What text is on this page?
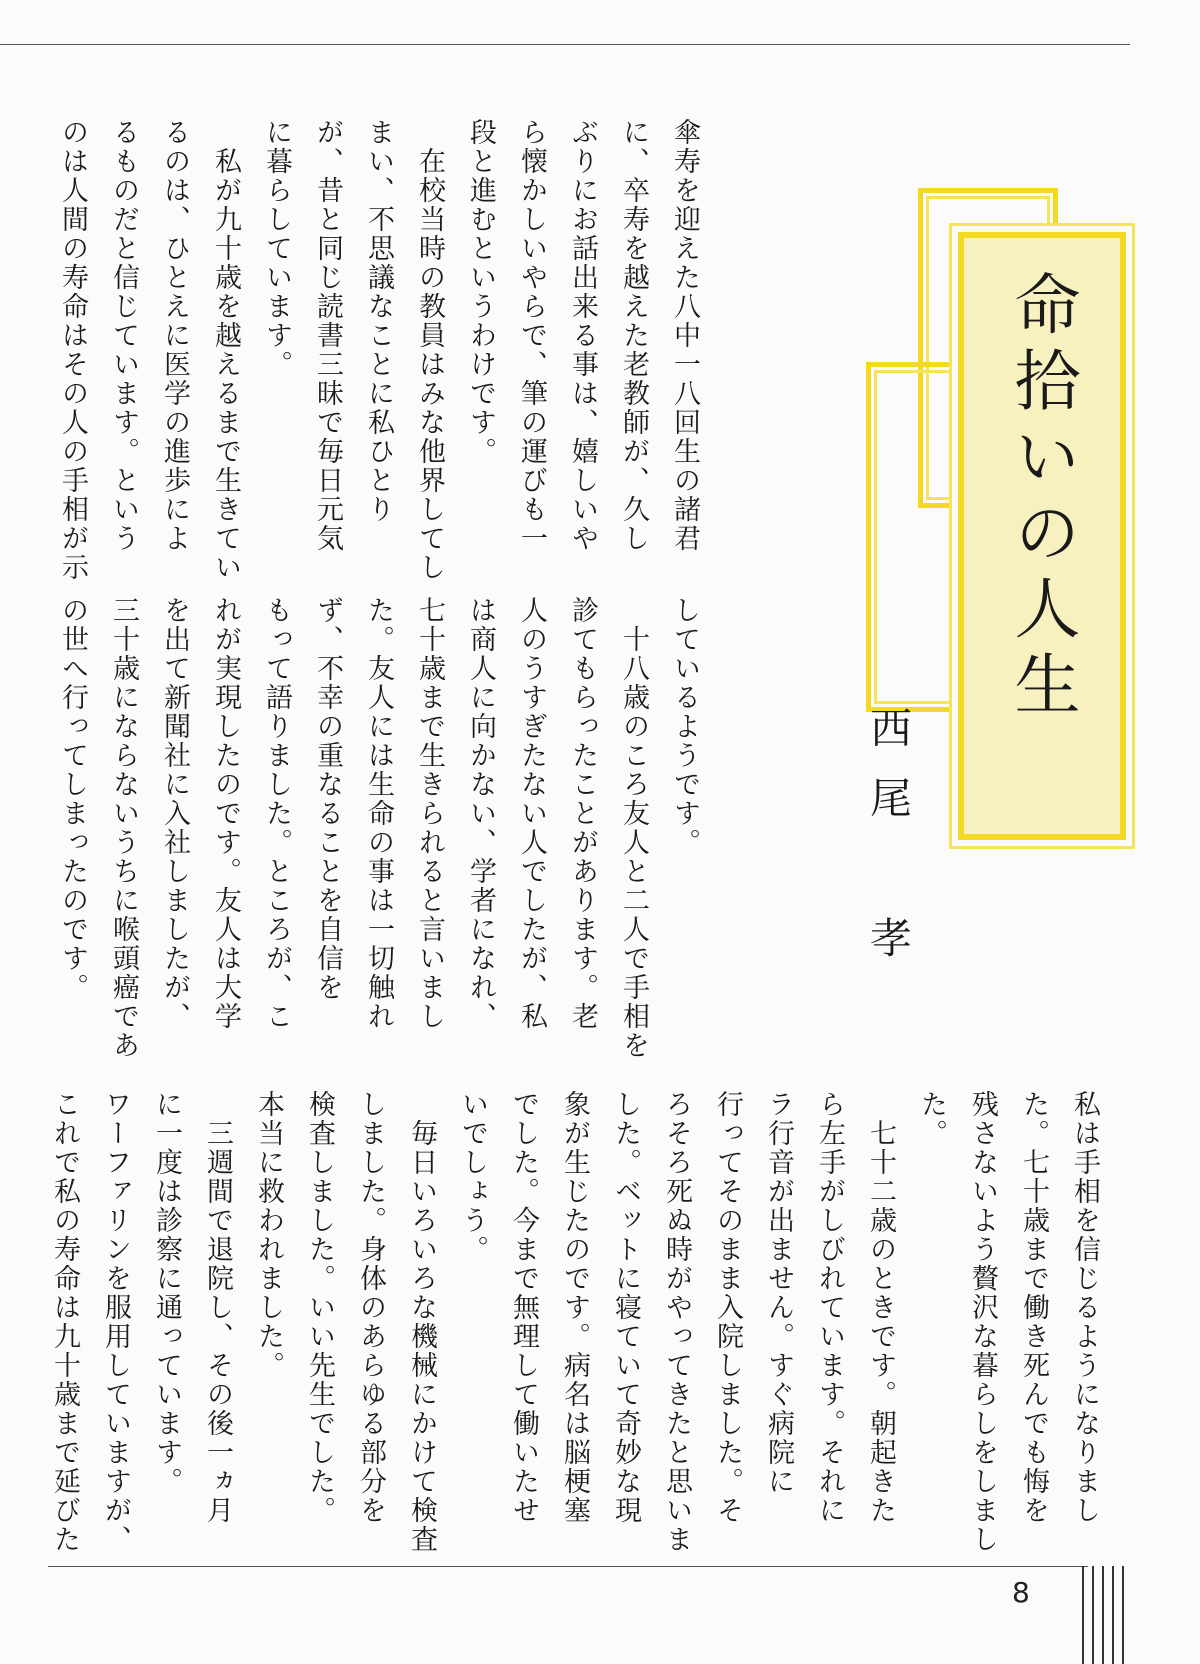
傘寿を迎えた八中一八回生の諸君
に、卒寿を越えた老教師が、久し
ぶりにお話出来る事は、嬉しいや
ら懐かしいやらで、筆の運びも一
段と進むというわけです。
　在校当時の教員はみな他界してし
まい、不思議なことに私ひとり
が、昔と同じ読書三昧で毎日元気
に暮らしています。
　私が九十歳を越えるまで生きてい
るのは、ひとえに医学の進歩によ
るものだと信じています。という
のは人間の寿命はその人の手相が示
しているようです。
　十八歳のころ友人と二人で手相を
診てもらったことがあります。老
人のうすぎたない人でしたが、私
は商人に向かない、学者になれ、
七十歳まで生きられると言いまし
た。友人には生命の事は一切触れ
ず、不幸の重なることを自信を
もって語りました。ところが、こ
れが実現したのです。友人は大学
を出て新聞社に入社しましたが、
三十歳にならないうちに喉頭癌であ
の世へ行ってしまったのです。
私は手相を信じるようになりまし
た。七十歳まで働き死んでも悔を
残さないよう贅沢な暮らしをしまし
た。
　七十二歳のときです。朝起きた
ら左手がしびれています。それに
ラ行音が出ません。すぐ病院に
行ってそのまま入院しました。そ
ろそろ死ぬ時がやってきたと思いま
した。ベットに寝ていて奇妙な現
象が生じたのです。病名は脳梗塞
でした。今まで無理して働いたせ
いでしょう。
　毎日いろいろな機械にかけて検査
しました。身体のあらゆる部分を
検査しました。いい先生でした。
本当に救われました。
　三週間で退院し、その後一ヵ月
に一度は診察に通っています。
ワーファリンを服用していますが、
これで私の寿命は九十歳まで延びた
命拾いの人生
西尾　孝
8
